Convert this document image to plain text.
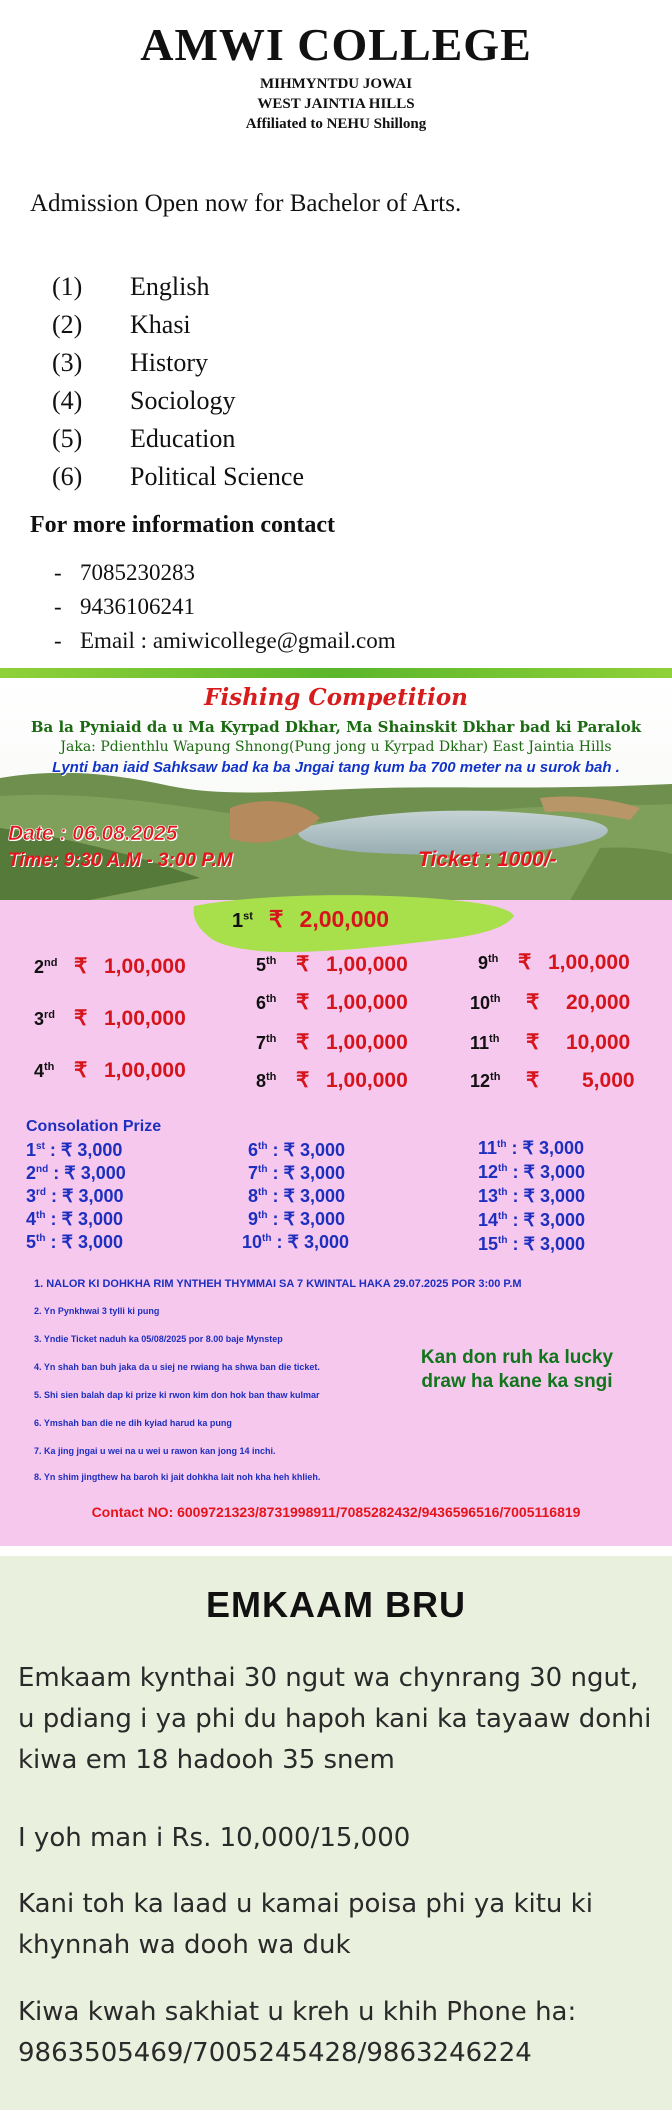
AMWI COLLEGE
MIHMYNTDU JOWAI
WEST JAINTIA HILLS
Affiliated to NEHU Shillong
Admission Open now for Bachelor of Arts.
(1) English
(2) Khasi
(3) History
(4) Sociology
(5) Education
(6) Political Science
For more information contact
- 7085230283
- 9436106241
- Email : amiwicollege@gmail.com
Fishing Competition
Ba la Pyniaid da u Ma Kyrpad Dkhar, Ma Shainskit Dkhar bad ki Paralok
Jaka: Pdienthlu Wapung Shnong(Pung jong u Kyrpad Dkhar) East Jaintia Hills
Lynti ban iaid Sahksaw bad ka ba Jngai tang kum ba 700 meter na u surok bah .
Date : 06.08.2025
Time: 9:30 A.M - 3:00 P.M	Ticket : 1000/-
1st ₹ 2,00,000
2nd ₹ 1,00,000
3rd ₹ 1,00,000
4th ₹ 1,00,000
5th ₹ 1,00,000
6th ₹ 1,00,000
7th ₹ 1,00,000
8th ₹ 1,00,000
9th ₹ 1,00,000
10th ₹ 20,000
11th ₹ 10,000
12th ₹ 5,000
Consolation Prize
1st : ₹ 3,000
2nd : ₹ 3,000
3rd : ₹ 3,000
4th : ₹ 3,000
5th : ₹ 3,000
6th : ₹ 3,000
7th : ₹ 3,000
8th : ₹ 3,000
9th : ₹ 3,000
10th : ₹ 3,000
11th : ₹ 3,000
12th : ₹ 3,000
13th : ₹ 3,000
14th : ₹ 3,000
15th : ₹ 3,000
1. NALOR KI DOHKHA RIM YNTHEH THYMMAI SA 7 KWINTAL HAKA 29.07.2025 POR 3:00 P.M
2. Yn Pynkhwai 3 tylli ki pung
3. Yndie Ticket naduh ka 05/08/2025 por 8.00 baje Mynstep
4. Yn shah ban buh jaka da u siej ne rwiang ha shwa ban die ticket.
5. Shi sien balah dap ki prize ki rwon kim don hok ban thaw kulmar
6. Ymshah ban die ne dih kyiad harud ka pung
7. Ka jing jngai u wei na u wei u rawon kan jong 14 inchi.
8. Yn shim jingthew ha baroh ki jait dohkha lait noh kha heh khlieh.
Kan don ruh ka lucky draw ha kane ka sngi
Contact NO: 6009721323/8731998911/7085282432/9436596516/7005116819
EMKAAM BRU
Emkaam kynthai 30 ngut wa chynrang 30 ngut, u pdiang i ya phi du hapoh kani ka tayaaw donhi kiwa em 18 hadooh 35 snem
I yoh man i Rs. 10,000/15,000
Kani toh ka laad u kamai poisa phi ya kitu ki khynnah wa dooh wa duk
Kiwa kwah sakhiat u kreh u khih Phone ha: 9863505469/7005245428/9863246224
